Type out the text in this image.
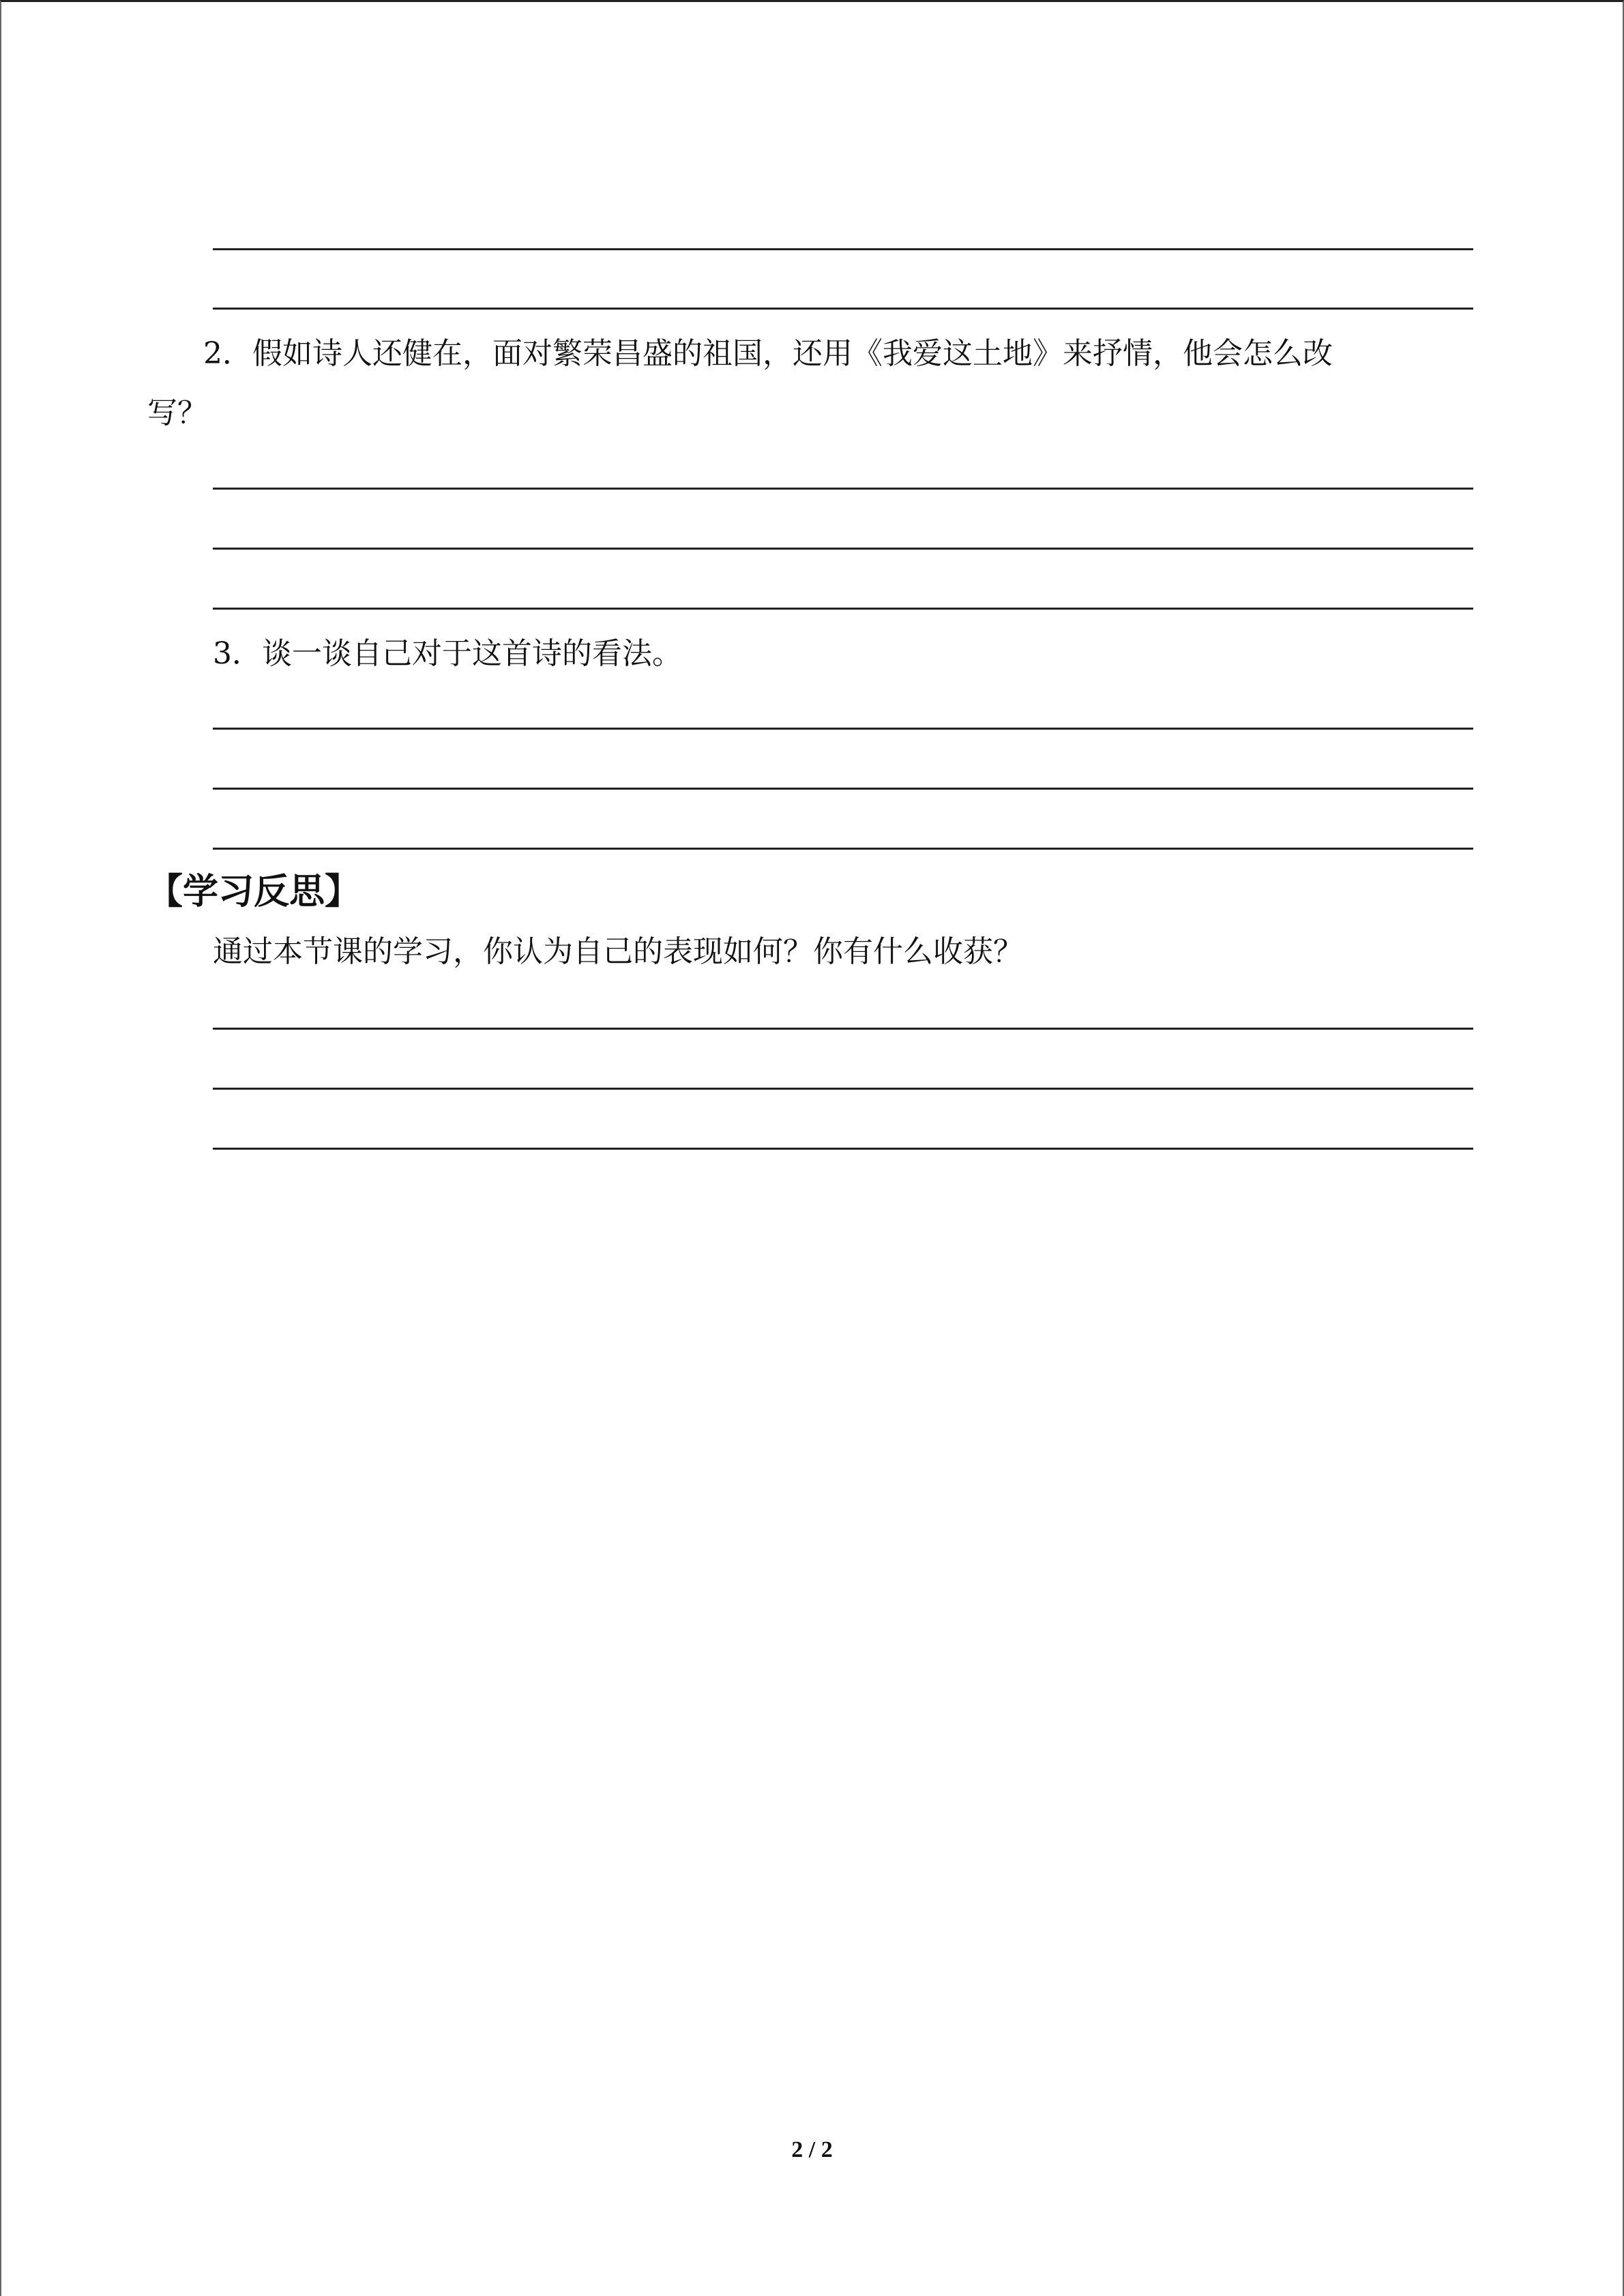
2．假如诗人还健在，面对繁荣昌盛的祖国，还用《我爱这土地》来抒情，他会怎么改
写？
3．谈一谈自己对于这首诗的看法。
【学习反思】
通过本节课的学习，你认为自己的表现如何？你有什么收获？
2 / 2
